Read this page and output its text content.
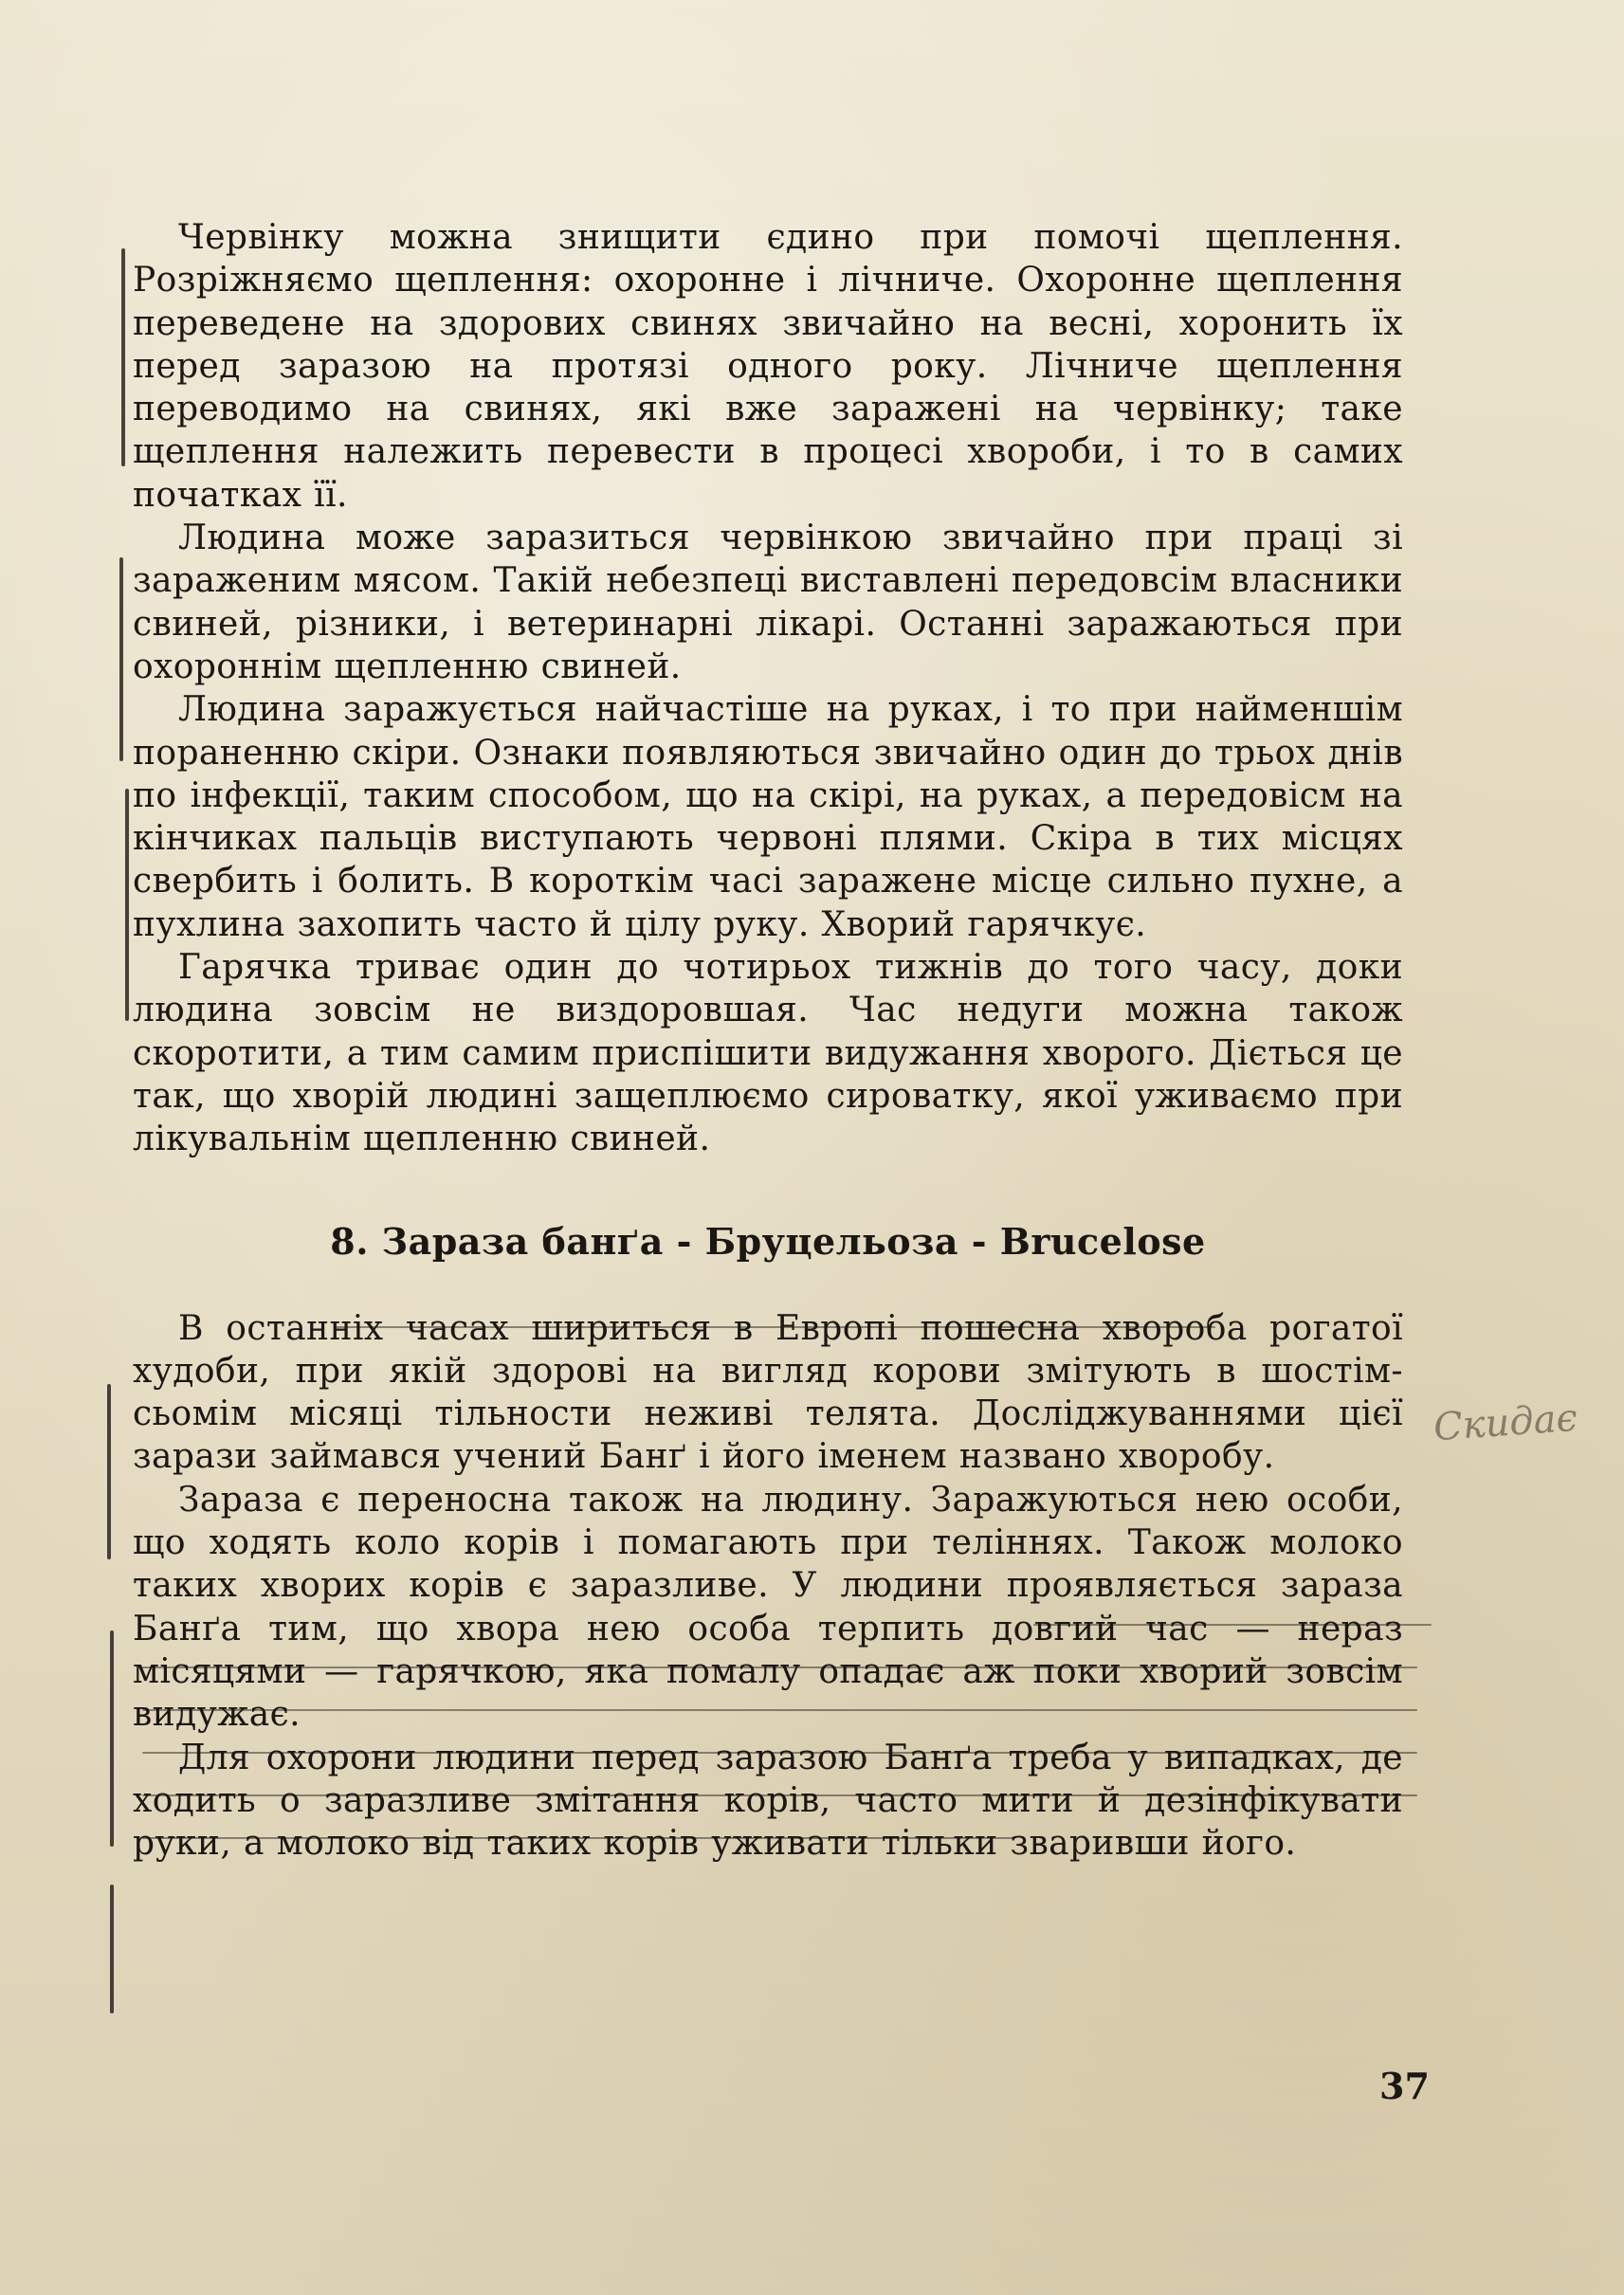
Червінку можна знищити єдино при помочі щеплення. Розріжняємо щеплення: охоронне і лічниче. Охоронне щеплення переведене на здорових свинях звичайно на весні, хоронить їх перед заразою на протязі одного року. Лічниче щеплення переводимо на свинях, які вже заражені на червінку; таке щеплення належить перевести в процесі хвороби, і то в самих початках її.

Людина може заразиться червінкою звичайно при праці зі зараженим мясом. Такій небезпеці виставлені передовсім власники свиней, різники, і ветеринарні лікарі. Останні заражаються при охороннім щепленню свиней.

Людина заражується найчастіше на руках, і то при найменшім пораненню скіри. Ознаки появляються звичайно один до трьох днів по інфекції, таким способом, що на скірі, на руках, а передовісм на кінчиках пальців виступають червоні плями. Скіра в тих місцях свербить і болить. В короткім часі заражене місце сильно пухне, а пухлина захопить часто й цілу руку. Хворий гарячкує.

Гарячка триває один до чотирьох тижнів до того часу, доки людина зовсім не виздоровшая. Час недуги можна також скоротити, а тим самим приспішити видужання хворого. Діється це так, що хворій людині защеплюємо сироватку, якої уживаємо при лікувальнім щепленню свиней.

8. Зараза банґа - Бруцельоза - Brucelose

В останніх часах шириться в Европі пошесна хвороба рогатої худоби, при якій здорові на вигляд корови змітують в шостім-сьомім місяці тільности неживі телята. Досліджуваннями цієї зарази займався учений Банґ і його іменем названо хворобу.

Зараза є переносна також на людину. Заражуються нею особи, що ходять коло корів і помагають при теліннях. Також молоко таких хворих корів є заразливе. У людини проявляється зараза Банґа тим, що хвора нею особа терпить довгий час — нераз місяцями — гарячкою, яка помалу опадає аж поки хворий зовсім видужає.

Для охорони людини перед заразою Банґа треба у випадках, де ходить о заразливе змітання корів, часто мити й дезінфікувати руки, а молоко від таких корів уживати тільки зваривши його.

Скидає
37
